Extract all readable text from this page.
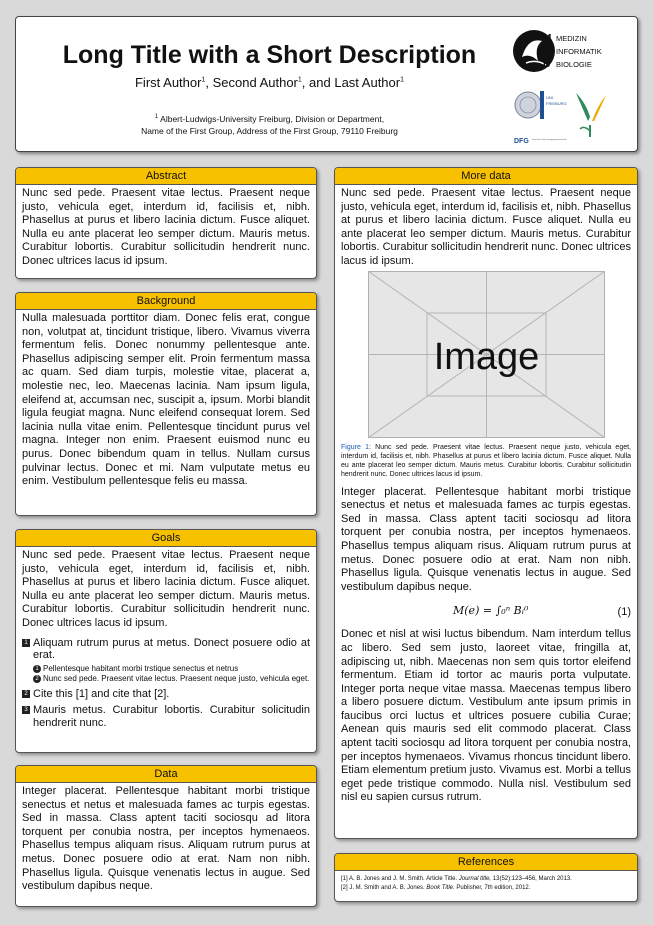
Long Title with a Short Description
First Author$^1$, Second Author$^1$, and Last Author$^1$
$^1$ Albert-Ludwigs-University Freiburg, Division or Department,
Name of the First Group, Address of the First Group, 79110 Freiburg
M
I
B
MEDIZIN
INFORMATIK
BIOLOGIE
UNI
FREIBURG
DFG Deutsche Forschungsgemeinschaft
Abstract

Nunc sed pede. Praesent vitae lectus. Praesent neque justo, vehicula eget, interdum id, facilisis et, nibh. Phasellus at purus et libero lacinia dictum. Fusce aliquet. Nulla eu ante placerat leo semper dictum. Mauris metus. Curabitur lobortis. Curabitur sollicitudin hendrerit nunc. Donec ultrices lacus id ipsum.

Background

Nulla malesuada porttitor diam. Donec felis erat, congue non, volutpat at, tincidunt tristique, libero. Vivamus viverra fermentum felis. Donec nonummy pellentesque ante. Phasellus adipiscing semper elit. Proin fermentum massa ac quam. Sed diam turpis, molestie vitae, placerat a, molestie nec, leo. Maecenas lacinia. Nam ipsum ligula, eleifend at, accumsan nec, suscipit a, ipsum. Morbi blandit ligula feugiat magna. Nunc eleifend consequat lorem. Sed lacinia nulla vitae enim. Pellentesque tincidunt purus vel magna. Integer non enim. Praesent euismod nunc eu purus. Donec bibendum quam in tellus. Nullam cursus pulvinar lectus. Donec et mi. Nam vulputate metus eu enim. Vestibulum pellentesque felis eu massa.

Goals

Nunc sed pede. Praesent vitae lectus. Praesent neque justo, vehicula eget, interdum id, facilisis et, nibh. Phasellus at purus et libero lacinia dictum. Fusce aliquet. Nulla eu ante placerat leo semper dictum. Mauris metus. Curabitur lobortis. Curabitur sollicitudin hendrerit nunc. Donec ultrices lacus id ipsum.

1 Aliquam rutrum purus at metus. Donect posuere odio at erat.
1 Pellentesque habitant morbi trstique senectus et netrus
2 Nunc sed pede. Praesent vitae lectus. Praesent neque justo, vehicula eget.
2 Cite this [1] and cite that [2].
3 Mauris metus. Curabitur lobortis. Curabitur solicitudin hendrerit nunc.
Data

Integer placerat. Pellentesque habitant morbi tristique senectus et netus et malesuada fames ac turpis egestas. Sed in massa. Class aptent taciti sociosqu ad litora torquent per conubia nostra, per inceptos hymenaeos. Phasellus tempus aliquam risus. Aliquam rutrum purus at metus. Donec posuere odio at erat. Nam non nibh. Phasellus ligula. Quisque venenatis lectus in augue. Sed vestibulum dapibus neque.

More data

Nunc sed pede. Praesent vitae lectus. Praesent neque justo, vehicula eget, interdum id, facilisis et, nibh. Phasellus at purus et libero lacinia dictum. Fusce aliquet. Nulla eu ante placerat leo semper dictum. Mauris metus. Curabitur lobortis. Curabitur sollicitudin hendrerit nunc. Donec ultrices lacus id ipsum.

Image
Figure 1: Nunc sed pede. Praesent vitae lectus. Praesent neque justo, vehicula eget, interdum id, facilisis et, nibh. Phasellus at purus et libero lacinia dictum. Fusce aliquet. Nulla eu ante placerat leo semper dictum. Mauris metus. Curabitur lobortis. Curabitur sollicitudin hendrerit nunc. Donec ultrices lacus id ipsum.

Integer placerat. Pellentesque habitant morbi tristique senectus et netus et malesuada fames ac turpis egestas. Sed in massa. Class aptent taciti sociosqu ad litora torquent per conubia nostra, per inceptos hymenaeos. Phasellus tempus aliquam risus. Aliquam rutrum purus at metus. Donec posuere odio at erat. Nam non nibh. Phasellus ligula. Quisque venenatis lectus in augue. Sed vestibulum dapibus neque.

M(e) = ∫₀ⁿ Bᵢ⁰	(1)

Donec et nisl at wisi luctus bibendum. Nam interdum tellus ac libero. Sed sem justo, laoreet vitae, fringilla at, adipiscing ut, nibh. Maecenas non sem quis tortor eleifend fermentum. Etiam id tortor ac mauris porta vulputate. Integer porta neque vitae massa. Maecenas tempus libero a libero posuere dictum. Vestibulum ante ipsum primis in faucibus orci luctus et ultrices posuere cubilia Curae; Aenean quis mauris sed elit commodo placerat. Class aptent taciti sociosqu ad litora torquent per conubia nostra, per inceptos hymenaeos. Vivamus rhoncus tincidunt libero. Etiam elementum pretium justo. Vivamus est. Morbi a tellus eget pede tristique commodo. Nulla nisl. Vestibulum sed nisl eu sapien cursus rutrum.

References
[1] A. B. Jones and J. M. Smith. Article Title. Journal title, 13(52):123–456, March 2013.
[2] J. M. Smith and A. B. Jones. Book Title. Publisher, 7th edition, 2012.
